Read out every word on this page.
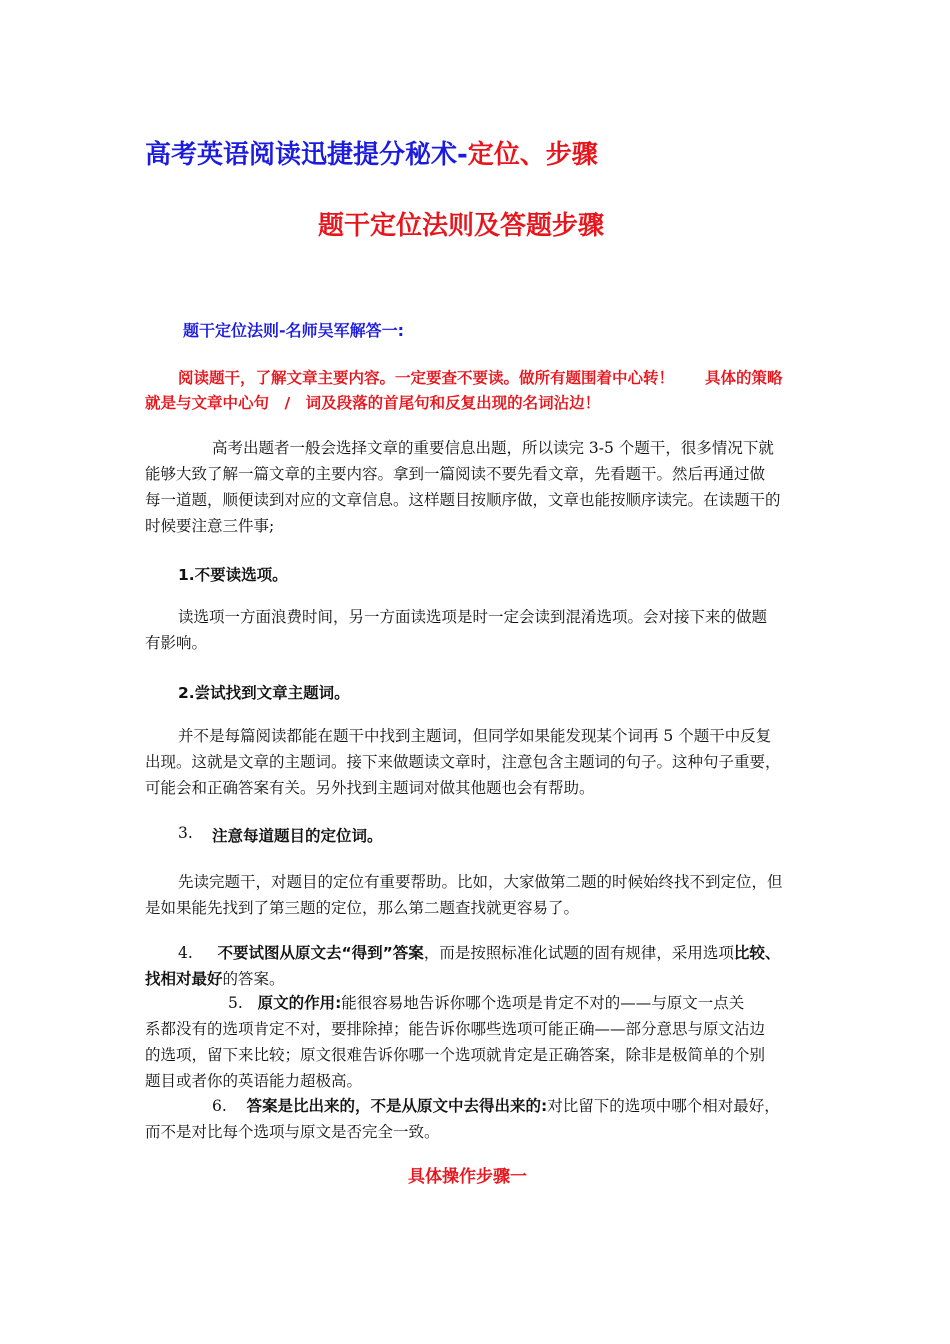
高考英语阅读迅捷提分秘术-定位、步骤
题干定位法则及答题步骤
题干定位法则-名师吴军解答一:
阅读题干，了解文章主要内容。一定要查不要读。做所有题围着中心转！　　具体的策略
就是与文章中心句　/　词及段落的首尾句和反复出现的名词沾边！
高考出题者一般会选择文章的重要信息出题，所以读完 3-5 个题干，很多情况下就
能够大致了解一篇文章的主要内容。拿到一篇阅读不要先看文章，先看题干。然后再通过做
每一道题，顺便读到对应的文章信息。这样题目按顺序做，文章也能按顺序读完。在读题干的
时候要注意三件事;
1.不要读选项。
读选项一方面浪费时间，另一方面读选项是时一定会读到混淆选项。会对接下来的做题
有影响。
2.尝试找到文章主题词。
并不是每篇阅读都能在题干中找到主题词，但同学如果能发现某个词再 5 个题干中反复
出现。这就是文章的主题词。接下来做题读文章时，注意包含主题词的句子。这种句子重要，
可能会和正确答案有关。另外找到主题词对做其他题也会有帮助。
3. 注意每道题目的定位词。
先读完题干，对题目的定位有重要帮助。比如，大家做第二题的时候始终找不到定位，但
是如果能先找到了第三题的定位，那么第二题查找就更容易了。
4. 不要试图从原文去“得到”答案，而是按照标准化试题的固有规律，采用选项比较、
找相对最好的答案。
5. 原文的作用:能很容易地告诉你哪个选项是肯定不对的——与原文一点关
系都没有的选项肯定不对，要排除掉；能告诉你哪些选项可能正确——部分意思与原文沾边
的选项，留下来比较；原文很难告诉你哪一个选项就肯定是正确答案，除非是极简单的个别
题目或者你的英语能力超极高。
6. 答案是比出来的，不是从原文中去得出来的:对比留下的选项中哪个相对最好，
而不是对比每个选项与原文是否完全一致。
具体操作步骤一
